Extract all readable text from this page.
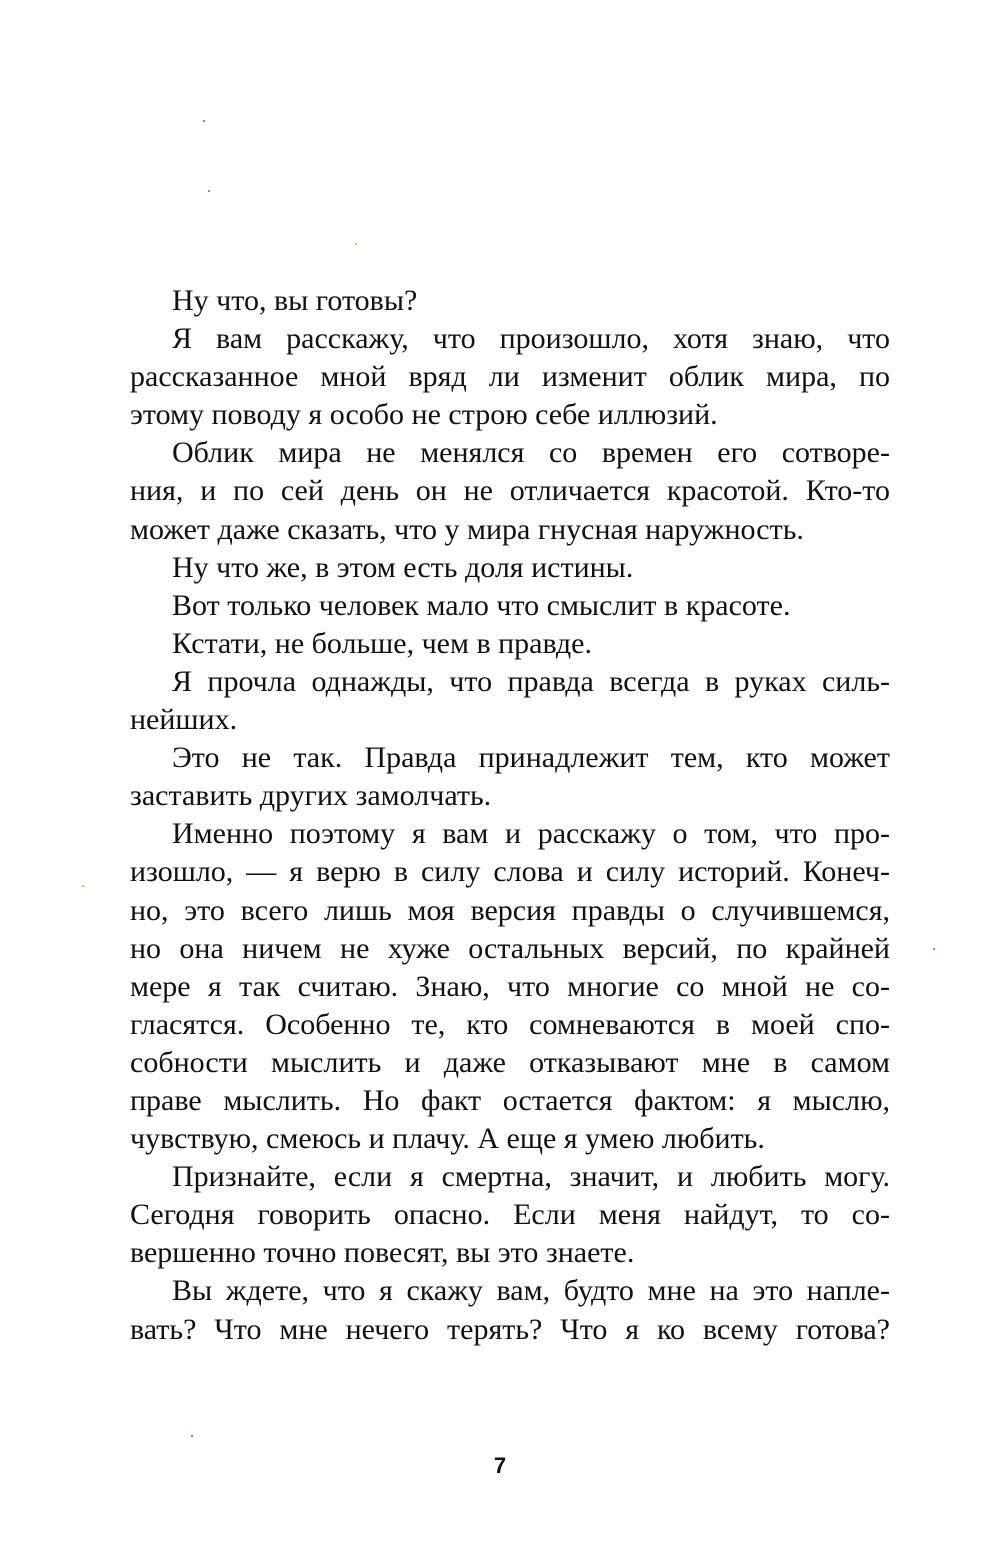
Ну что, вы готовы?
Я вам расскажу, что произошло, хотя знаю, что
рассказанное мной вряд ли изменит облик мира, по
этому поводу я особо не строю себе иллюзий.
Облик мира не менялся со времен его сотворе-
ния, и по сей день он не отличается красотой. Кто-то
может даже сказать, что у мира гнусная наружность.
Ну что же, в этом есть доля истины.
Вот только человек мало что смыслит в красоте.
Кстати, не больше, чем в правде.
Я прочла однажды, что правда всегда в руках силь-
нейших.
Это не так. Правда принадлежит тем, кто может
заставить других замолчать.
Именно поэтому я вам и расскажу о том, что про-
изошло, — я верю в силу слова и силу историй. Конеч-
но, это всего лишь моя версия правды о случившемся,
но она ничем не хуже остальных версий, по крайней
мере я так считаю. Знаю, что многие со мной не со-
гласятся. Особенно те, кто сомневаются в моей спо-
собности мыслить и даже отказывают мне в самом
праве мыслить. Но факт остается фактом: я мыслю,
чувствую, смеюсь и плачу. А еще я умею любить.
Признайте, если я смертна, значит, и любить могу.
Сегодня говорить опасно. Если меня найдут, то со-
вершенно точно повесят, вы это знаете.
Вы ждете, что я скажу вам, будто мне на это напле-
вать? Что мне нечего терять? Что я ко всему готова?
7
